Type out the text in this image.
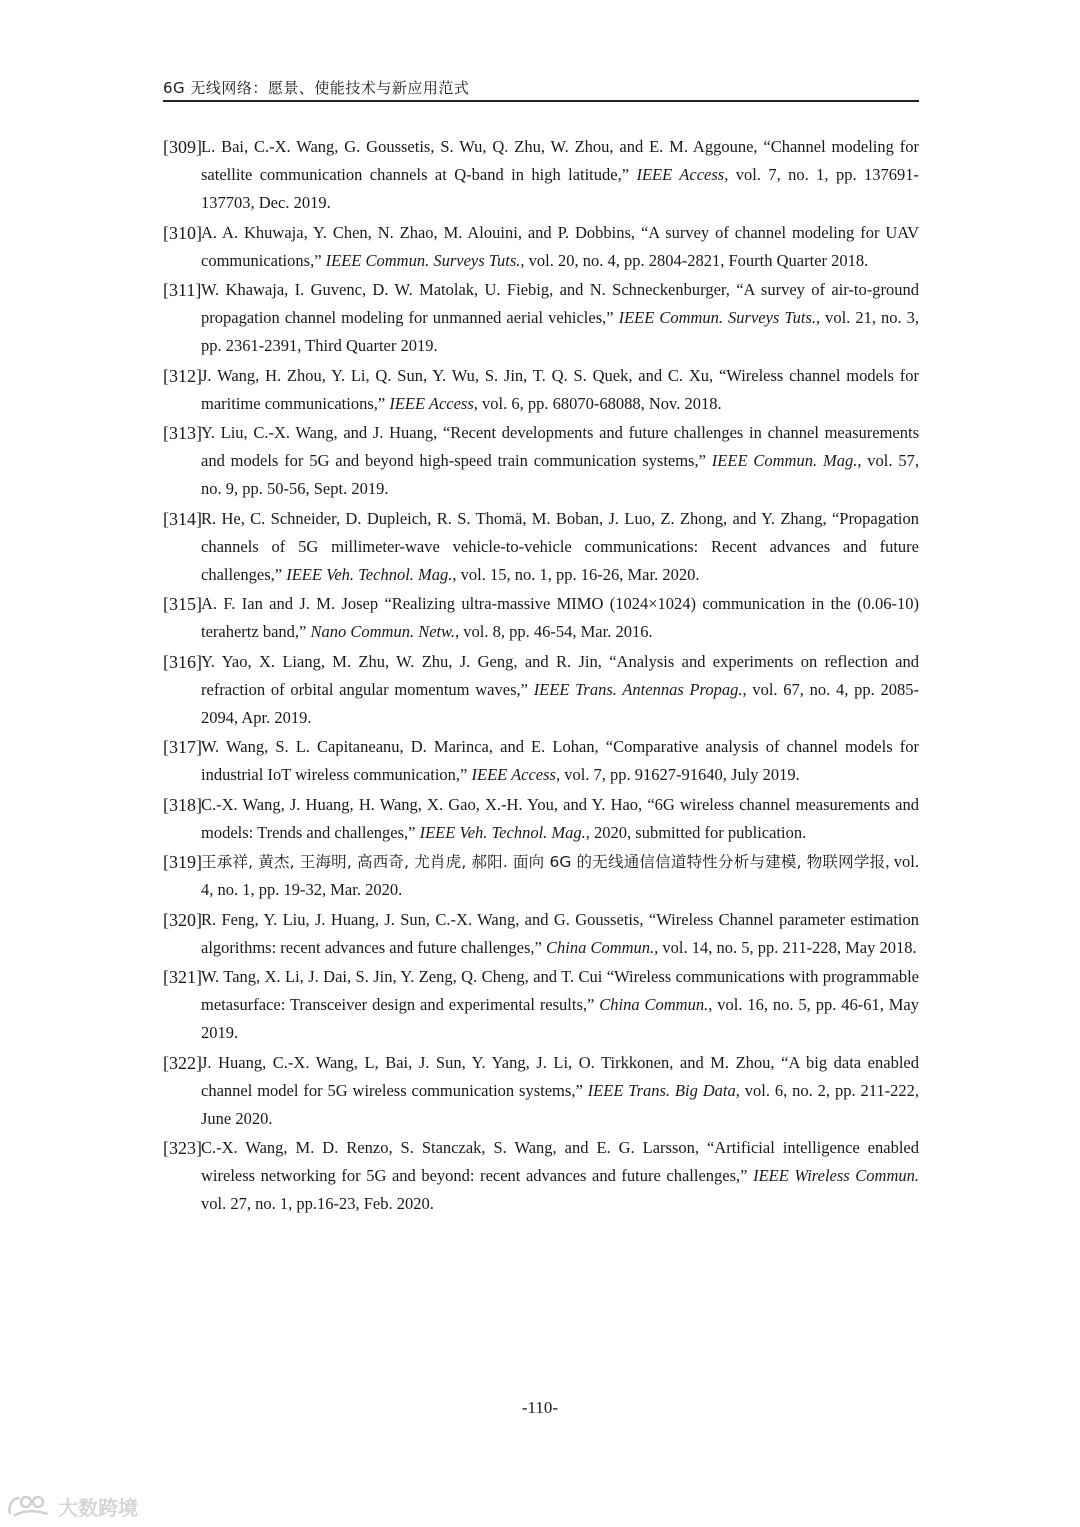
6G 无线网络：愿景、使能技术与新应用范式
[309] L. Bai, C.-X. Wang, G. Goussetis, S. Wu, Q. Zhu, W. Zhou, and E. M. Aggoune, “Channel modeling for satellite communication channels at Q-band in high latitude,” IEEE Access, vol. 7, no. 1, pp. 137691-137703, Dec. 2019.
[310] A. A. Khuwaja, Y. Chen, N. Zhao, M. Alouini, and P. Dobbins, “A survey of channel modeling for UAV communications,” IEEE Commun. Surveys Tuts., vol. 20, no. 4, pp. 2804-2821, Fourth Quarter 2018.
[311] W. Khawaja, I. Guvenc, D. W. Matolak, U. Fiebig, and N. Schneckenburger, “A survey of air-to-ground propagation channel modeling for unmanned aerial vehicles,” IEEE Commun. Surveys Tuts., vol. 21, no. 3, pp. 2361-2391, Third Quarter 2019.
[312] J. Wang, H. Zhou, Y. Li, Q. Sun, Y. Wu, S. Jin, T. Q. S. Quek, and C. Xu, “Wireless channel models for maritime communications,” IEEE Access, vol. 6, pp. 68070-68088, Nov. 2018.
[313] Y. Liu, C.-X. Wang, and J. Huang, “Recent developments and future challenges in channel measurements and models for 5G and beyond high-speed train communication systems,” IEEE Commun. Mag., vol. 57, no. 9, pp. 50-56, Sept. 2019.
[314] R. He, C. Schneider, D. Dupleich, R. S. Thomä, M. Boban, J. Luo, Z. Zhong, and Y. Zhang, “Propagation channels of 5G millimeter-wave vehicle-to-vehicle communications: Recent advances and future challenges,” IEEE Veh. Technol. Mag., vol. 15, no. 1, pp. 16-26, Mar. 2020.
[315] A. F. Ian and J. M. Josep “Realizing ultra-massive MIMO (1024×1024) communication in the (0.06-10) terahertz band,” Nano Commun. Netw., vol. 8, pp. 46-54, Mar. 2016.
[316] Y. Yao, X. Liang, M. Zhu, W. Zhu, J. Geng, and R. Jin, “Analysis and experiments on reflection and refraction of orbital angular momentum waves,” IEEE Trans. Antennas Propag., vol. 67, no. 4, pp. 2085-2094, Apr. 2019.
[317] W. Wang, S. L. Capitaneanu, D. Marinca, and E. Lohan, “Comparative analysis of channel models for industrial IoT wireless communication,” IEEE Access, vol. 7, pp. 91627-91640, July 2019.
[318] C.-X. Wang, J. Huang, H. Wang, X. Gao, X.-H. You, and Y. Hao, “6G wireless channel measurements and models: Trends and challenges,” IEEE Veh. Technol. Mag., 2020, submitted for publication.
[319] 王承祥, 黄杰, 王海明, 高西奇, 尤肖虎, 郝阳. 面向 6G 的无线通信信道特性分析与建模, 物联网学报, vol. 4, no. 1, pp. 19-32, Mar. 2020.
[320] R. Feng, Y. Liu, J. Huang, J. Sun, C.-X. Wang, and G. Goussetis, “Wireless Channel parameter estimation algorithms: recent advances and future challenges,” China Commun., vol. 14, no. 5, pp. 211-228, May 2018.
[321] W. Tang, X. Li, J. Dai, S. Jin, Y. Zeng, Q. Cheng, and T. Cui “Wireless communications with programmable metasurface: Transceiver design and experimental results,” China Commun., vol. 16, no. 5, pp. 46-61, May 2019.
[322] J. Huang, C.-X. Wang, L, Bai, J. Sun, Y. Yang, J. Li, O. Tirkkonen, and M. Zhou, “A big data enabled channel model for 5G wireless communication systems,” IEEE Trans. Big Data, vol. 6, no. 2, pp. 211-222, June 2020.
[323] C.-X. Wang, M. D. Renzo, S. Stanczak, S. Wang, and E. G. Larsson, “Artificial intelligence enabled wireless networking for 5G and beyond: recent advances and future challenges,” IEEE Wireless Commun. vol. 27, no. 1, pp.16-23, Feb. 2020.
-110-
大数跨境
